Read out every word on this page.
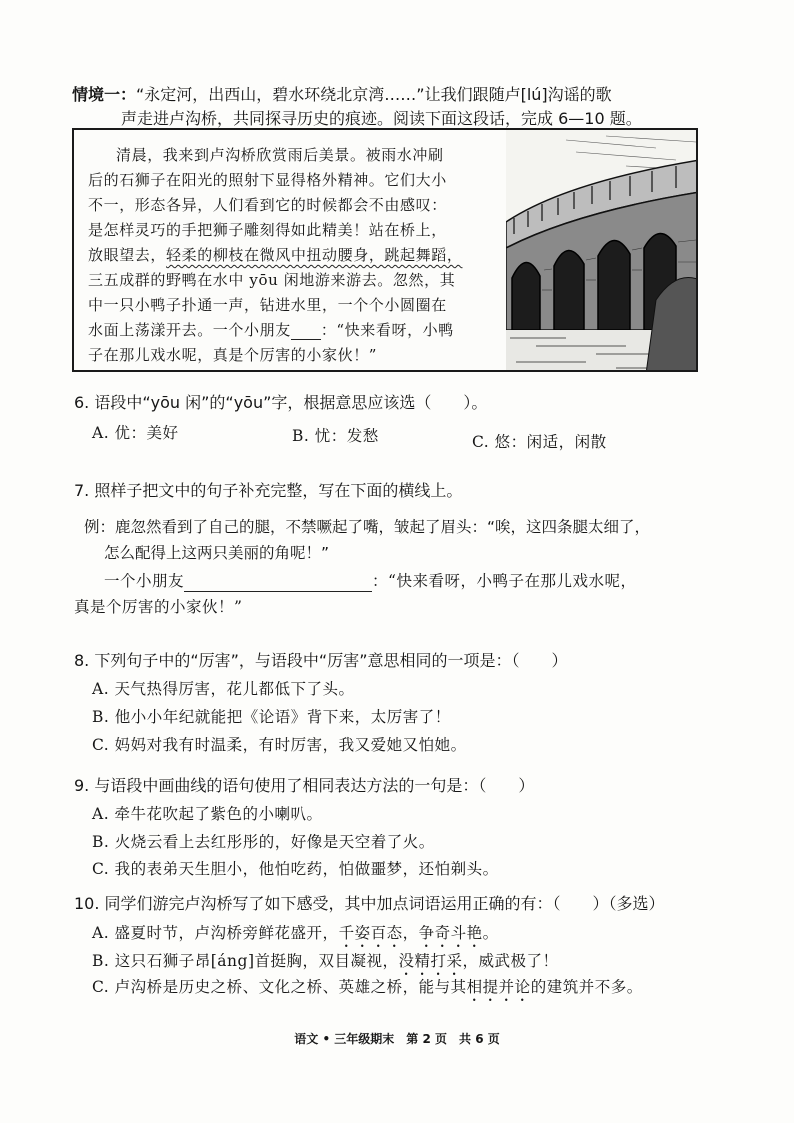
情境一：“永定河，出西山，碧水环绕北京湾……”让我们跟随卢[lú]沟谣的歌
声走进卢沟桥，共同探寻历史的痕迹。阅读下面这段话，完成 6—10 题。
清晨，我来到卢沟桥欣赏雨后美景。被雨水冲刷
后的石狮子在阳光的照射下显得格外精神。它们大小
不一，形态各异，人们看到它的时候都会不由感叹：
是怎样灵巧的手把狮子雕刻得如此精美！站在桥上，
放眼望去，轻柔的柳枝在微风中扭动腰身，跳起舞蹈，
三五成群的野鸭在水中 yōu 闲地游来游去。忽然，其
中一只小鸭子扑通一声，钻进水里，一个个小圆圈在
水面上荡漾开去。一个小朋友 ：“快来看呀，小鸭
子在那儿戏水呢，真是个厉害的小家伙！”
6. 语段中“yōu 闲”的“yōu”字，根据意思应该选（　　）。
A. 优：美好	B. 忧：发愁	C. 悠：闲适，闲散
7. 照样子把文中的句子补充完整，写在下面的横线上。
例：鹿忽然看到了自己的腿，不禁噘起了嘴，皱起了眉头：“唉，这四条腿太细了，
怎么配得上这两只美丽的角呢！”
一个小朋友	：“快来看呀，小鸭子在那儿戏水呢，
真是个厉害的小家伙！”
8. 下列句子中的“厉害”，与语段中“厉害”意思相同的一项是：（　　）
A. 天气热得厉害，花儿都低下了头。
B. 他小小年纪就能把《论语》背下来，太厉害了！
C. 妈妈对我有时温柔，有时厉害，我又爱她又怕她。
9. 与语段中画曲线的语句使用了相同表达方法的一句是：（　　）
A. 牵牛花吹起了紫色的小喇叭。
B. 火烧云看上去红彤彤的，好像是天空着了火。
C. 我的表弟天生胆小，他怕吃药，怕做噩梦，还怕剃头。
10. 同学们游完卢沟桥写了如下感受，其中加点词语运用正确的有：（　　）（多选）
A. 盛夏时节，卢沟桥旁鲜花盛开，千姿百态，争奇斗艳。
B. 这只石狮子昂[áng]首挺胸，双目凝视，没精打采，威武极了！
C. 卢沟桥是历史之桥、文化之桥、英雄之桥，能与其相提并论的建筑并不多。
语文 • 三年级期末　第 2 页　共 6 页
